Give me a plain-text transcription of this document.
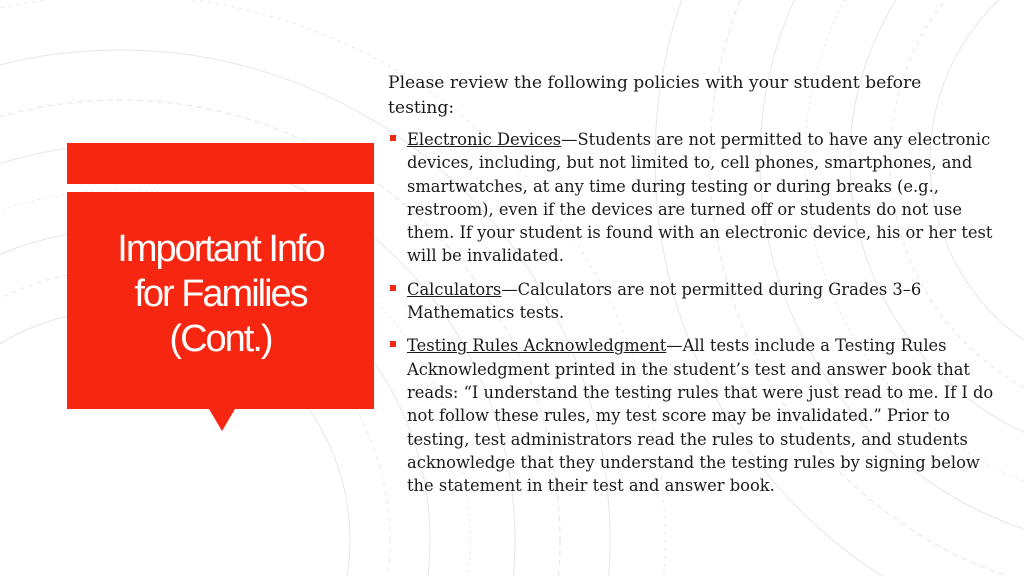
Important Info
for Families
(Cont.)

Please review the following policies with your student before testing:

Electronic Devices—Students are not permitted to have any electronic devices, including, but not limited to, cell phones, smartphones, and smartwatches, at any time during testing or during breaks (e.g., restroom), even if the devices are turned off or students do not use them. If your student is found with an electronic device, his or her test will be invalidated.
Calculators—Calculators are not permitted during Grades 3–6 Mathematics tests.
Testing Rules Acknowledgment—All tests include a Testing Rules Acknowledgment printed in the student’s test and answer book that reads: “I understand the testing rules that were just read to me. If I do not follow these rules, my test score may be invalidated.” Prior to testing, test administrators read the rules to students, and students acknowledge that they understand the testing rules by signing below the statement in their test and answer book.
